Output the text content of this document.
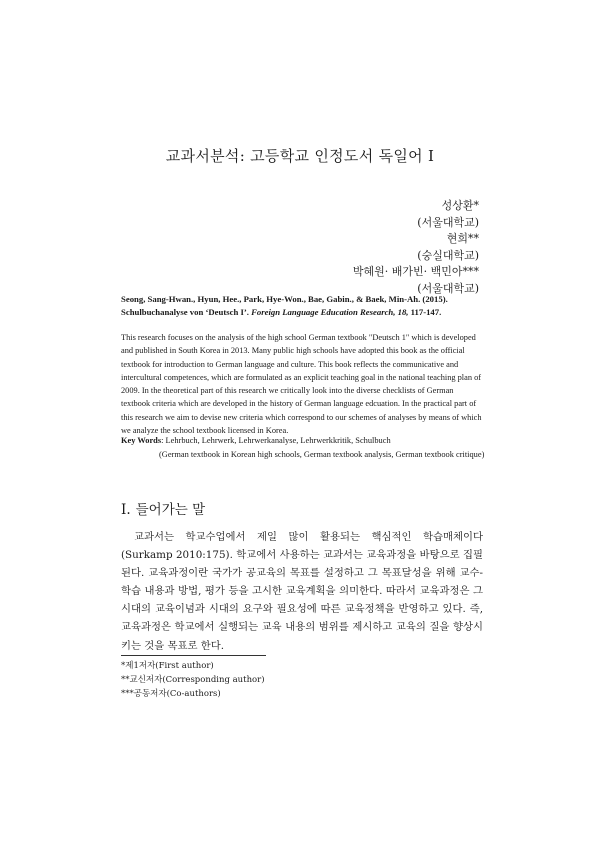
교과서분석: 고등학교 인정도서 독일어 I
성상환*
(서울대학교)
현희**
(숭실대학교)
박혜원· 배가빈· 백민아***
(서울대학교)
Seong, Sang-Hwan., Hyun, Hee., Park, Hye-Won., Bae, Gabin., & Baek, Min-Ah. (2015). Schulbuchanalyse von ‘Deutsch I’. Foreign Language Education Research, 18, 117-147.

This research focuses on the analysis of the high school German textbook "Deutsch 1" which is developed and published in South Korea in 2013. Many public high schools have adopted this book as the official textbook for introduction to German language and culture. This book reflects the communicative and intercultural competences, which are formulated as an explicit teaching goal in the national teaching plan of 2009. In the theoretical part of this research we critically look into the diverse checklists of German textbook criteria which are developed in the history of German language edcuation. In the practical part of this research we aim to devise new criteria which correspond to our schemes of analyses by means of which we analyze the school textbook licensed in Korea.

Key Words: Lehrbuch, Lehrwerk, Lehrwerkanalyse, Lehrwerkkritik, Schulbuch
(German textbook in Korean high schools, German textbook analysis, German textbook critique)
Ⅰ. 들어가는 말

교과서는 학교수업에서 제일 많이 활용되는 핵심적인 학습매체이다(Surkamp 2010:175). 학교에서 사용하는 교과서는 교육과정을 바탕으로 집필된다. 교육과정이란 국가가 공교육의 목표를 설정하고 그 목표달성을 위해 교수-학습 내용과 방법, 평가 등을 고시한 교육계획을 의미한다. 따라서 교육과정은 그 시대의 교육이념과 시대의 요구와 필요성에 따른 교육정책을 반영하고 있다. 즉, 교육과정은 학교에서 실행되는 교육 내용의 범위를 제시하고 교육의 질을 향상시키는 것을 목표로 한다.

*제1저자(First author)
**교신저자(Corresponding author)
***공동저자(Co-authors)
